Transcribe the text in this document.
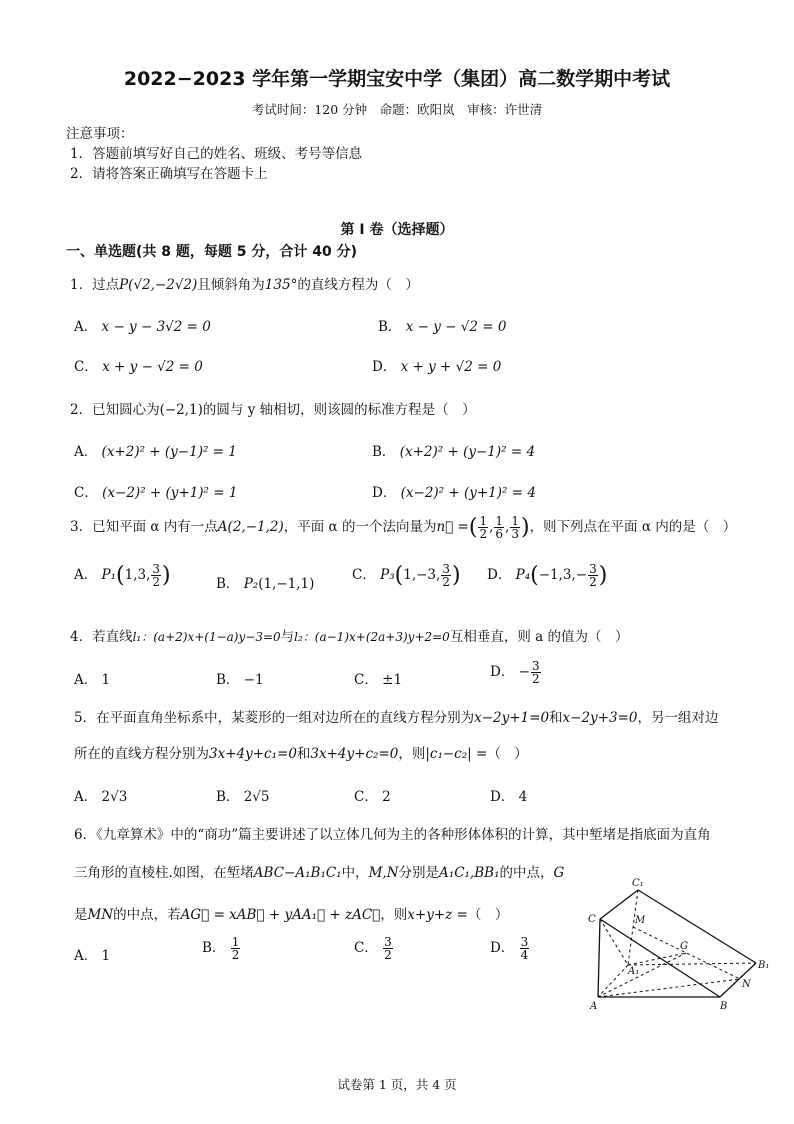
2022−2023 学年第一学期宝安中学（集团）高二数学期中考试
考试时间：120 分钟　命题：欧阳岚　审核：许世清
注意事项：
1．答题前填写好自己的姓名、班级、考号等信息
2．请将答案正确填写在答题卡上
第 I 卷（选择题）
一、单选题(共 8 题，每题 5 分，合计 40 分)
1．过点P(√2,−2√2)且倾斜角为135°的直线方程为（　）
A． x − y − 3√2 = 0	B． x − y − √2 = 0
C． x + y − √2 = 0	D． x + y + √2 = 0
2．已知圆心为(−2,1)的圆与 y 轴相切，则该圆的标准方程是（　）
A． (x+2)² + (y−1)² = 1	B． (x+2)² + (y−1)² = 4
C． (x−2)² + (y+1)² = 1	D． (x−2)² + (y+1)² = 4
3．已知平面 α 内有一点A(2,−1,2)，平面 α 的一个法向量为n⃗ =( $\frac{1}{2}$ , $\frac{1}{6}$ , $\frac{1}{3}$ )，则下列点在平面 α 内的是（　）
A． P₁(1,3, $\frac{3}{2}$ )	B． P₂(1,−1,1)
C． P₃(1,−3, $\frac{3}{2}$ ) D． $P_4(-1,3,- \frac{3}{2}$ )
4．若直线l₁：(a+2)x+(1−a)y−3=0与l₂：(a−1)x+(2a+3)y+2=0互相垂直，则 a 的值为（　）
A． 1	B． −1	C． ±1	D． − $\frac{3}{2}$
5．在平面直角坐标系中，某菱形的一组对边所在的直线方程分别为x−2y+1=0和x−2y+3=0，另一组对边
所在的直线方程分别为3x+4y+c₁=0和3x+4y+c₂=0，则|c₁−c₂| =（　）
A． 2√3	B． 2√5	C． 2	D． 4
6．《九章算术》中的“商功”篇主要讲述了以立体几何为主的各种形体体积的计算，其中堑堵是指底面为直角
三角形的直棱柱.如图，在堑堵ABC−A₁B₁C₁中，M,N分别是A₁C₁,BB₁的中点，G
是MN的中点，若AG⃗ = xAB⃗ + yAA₁⃗ + zAC⃗，则x+y+z =（　）
A． 1	B． $\frac{1}{2}$	C． $\frac{3}{2}$	D． $\frac{3}{4}$
C₁
C	M
G
A₁
B₁
N
A	B
试卷第 1 页，共 4 页
